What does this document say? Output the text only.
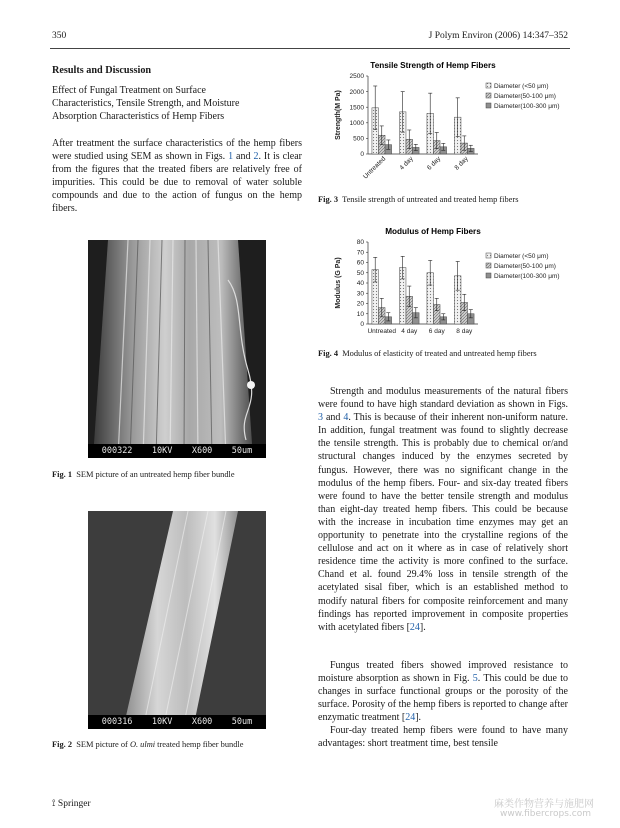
350	J Polym Environ (2006) 14:347–352
Results and Discussion
Effect of Fungal Treatment on Surface
Characteristics, Tensile Strength, and Moisture
Absorption Characteristics of Hemp Fibers

After treatment the surface characteristics of the hemp fibers were studied using SEM as shown in Figs. 1 and 2. It is clear from the figures that the treated fibers are relatively free of impurities. This could be due to removal of water soluble compounds and due to the action of fungus on the hemp fibers.

000322 10KV X600 50um
Fig. 1 SEM picture of an untreated hemp fiber bundle
000316 10KV X600 50um
Fig. 2 SEM picture of O. ulmi treated hemp fiber bundle
Tensile Strength of Hemp Fibers
Strength(M Pa)
0
500
1000
1500
2000
2500
Untreated 4 day 6 day 8 day
Diameter (<50 μm)
Diameter(50-100 μm)
Diameter(100-300 μm)
Fig. 3 Tensile strength of untreated and treated hemp fibers
Modulus of Hemp Fibers
Modulus (G Pa)
0
10
20
30
40
50
60
70
80
Untreated 4 day 6 day 8 day
Diameter (<50 μm)
Diameter(50-100 μm)
Diameter(100-300 μm)
Fig. 4 Modulus of elasticity of treated and untreated hemp fibers

Strength and modulus measurements of the natural fibers were found to have high standard deviation as shown in Figs. 3 and 4. This is because of their inherent non-uniform nature. In addition, fungal treatment was found to slightly decrease the tensile strength. This is probably due to chemical or/and structural changes induced by the enzymes secreted by fungus. However, there was no significant change in the modulus of the hemp fibers. Four- and six-day treated fibers were found to have the better tensile strength and modulus than eight-day treated hemp fibers. This could be because with the increase in incubation time enzymes may get an opportunity to penetrate into the crystalline regions of the cellulose and act on it where as in case of relatively short residence time the activity is more confined to the surface. Chand et al. found 29.4% loss in tensile strength of the acetylated sisal fiber, which is an established method to modify natural fibers for composite reinforcement and many findings has reported improvement in composite properties with acetylated fibers [24].

Fungus treated fibers showed improved resistance to moisture absorption as shown in Fig. 5. This could be due to changes in surface functional groups or the porosity of the surface. Porosity of the hemp fibers is reported to change after enzymatic treatment [24].

Four-day treated hemp fibers were found to have many advantages: short treatment time, best tensile

⟟ Springer	麻类作物营养与施肥网
www.fibercrops.com
